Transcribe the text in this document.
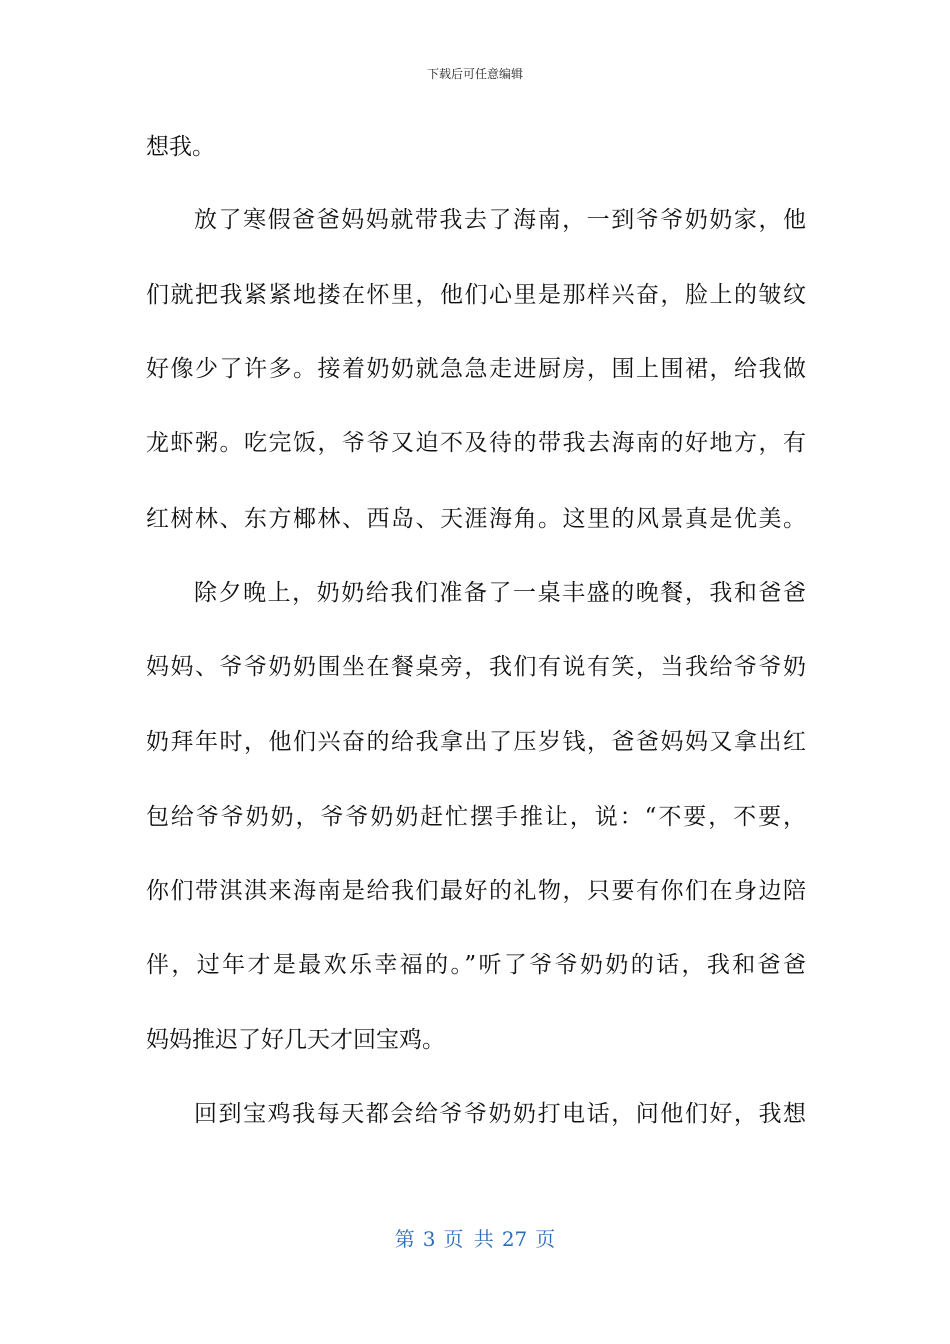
下载后可任意编辑
想我。
放了寒假爸爸妈妈就带我去了海南，一到爷爷奶奶家，他
们就把我紧紧地搂在怀里，他们心里是那样兴奋，脸上的皱纹
好像少了许多。接着奶奶就急急走进厨房，围上围裙，给我做
龙虾粥。吃完饭，爷爷又迫不及待的带我去海南的好地方，有
红树林、东方椰林、西岛、天涯海角。这里的风景真是优美。
除夕晚上，奶奶给我们准备了一桌丰盛的晚餐，我和爸爸
妈妈、爷爷奶奶围坐在餐桌旁，我们有说有笑，当我给爷爷奶
奶拜年时，他们兴奋的给我拿出了压岁钱，爸爸妈妈又拿出红
包给爷爷奶奶，爷爷奶奶赶忙摆手推让，说：“不要，不要，
你们带淇淇来海南是给我们最好的礼物，只要有你们在身边陪
伴，过年才是最欢乐幸福的。”听了爷爷奶奶的话，我和爸爸
妈妈推迟了好几天才回宝鸡。
回到宝鸡我每天都会给爷爷奶奶打电话，问他们好，我想
第 3 页 共 27 页
